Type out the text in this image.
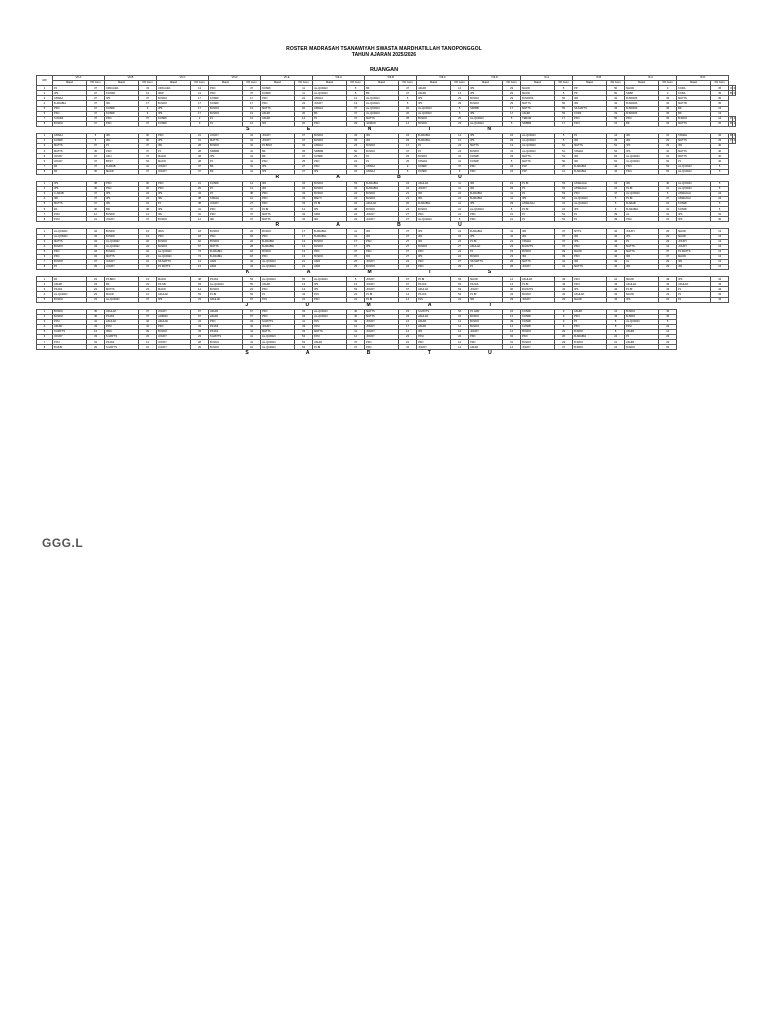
ROSTER MADRASAH TSANAWIYAH SWASTA MARDHATILLAH TANOPONGGOL
TAHUN AJARAN 2025/2026
RUANGAN
HRI	VII-A		VII-B		VII-C		VII-D		VII-E		VIII-A		VIII-B		VIII-C		VIII-D		IX-A		IX-B		IX-C		IX-D			
	Mapel	KD Guru	Mapel	KD Guru	Mapel	KD Guru	Mapel	KD Guru	Mapel	KD Guru	Mapel	KD Guru	Mapel	KD Guru	Mapel	KD Guru	Mapel	KD Guru	Mapel	KD Guru	Mapel	KD Guru	Mapel	KD Guru	Mapel	KD Guru		
1	PJ	37	UPACARA	33	UPACARA	13	PKN	37	KOSRF	11	AL-QURAN	5	BK	37	AKHIR	14	IPS	29	MAJID	5	PP	50	MAJID	3	KORA	35		2
2	IPS	37	KONSD	13	IPAP	13	PKN	37	KOSRF	11	AL-QURAN	5	BK	37	AKHIR	14	IPS	29	MAJID	5	PP	50	SKBP	3	KORA	35		2
3	ASWAJ	37	IPS	37	B.INDO	17	KOSRF	17	PKN	22	ASWAJ	13	AL-QURAN	5	IPS	29	B.INDO	29	B.INDRIS	50	IPA	32	B.INDRIS	33	MATTS	35		
4	B.ARABIA	37	IPA	17	B.INDO	17	KOSRF	17	PKN	22	JOUDY	13	AL-QURAN	5	IPS	29	B.INDO	29	MATTS	50	IPA	32	B.INDRIS	33	MATTR	35		
5	PKN	37	KOSRF	9	IPS	17	B.INDO	13	MATTS	20	ASWAJ	37	AL-QURAN	20	AL-QURAN	5	SKPBB	17	MATTS	55	SK.MATTS	33	B.INDRIS	36	BK	13		
6	PKN	37	KOSRF	9	IPS	17	B.INDO	13	AKHIR	20	BK	37	AL-QURAN	20	AL-QURAN	5	IPS	17	AKHIR	55	KORF	33	B.INDRIS	36	BK	13		
7	S.PADZ	37	PKN	37	KOSRF	3	PJ	13	AKHIR	12	PJ	37	MATTS	35	B.INDO	25	AL-QURAN	5	TERAM	17	PKN	50	PKN	33	B.INDO	12		2
8	B.INDO	37	PKN	37	KOSRF	9	PJ	13	IPA	20	PKN	39	JAIMAN	14	B.INDO	23	AL-QURAN	5	SKBBM	17	PKN	24	BK	33	MATTS	26		1
S E N I N																												
1	ASWAJ	5	IPA	30	PKN	21	JOUDY	41	JOUDY	37	B.INDO	33	IPA	24	B.ARABIA	14	IPS	24	AL-QURAN	5	PJ	14	IPA	10	TAMAH	32		4
2	KOSRF	5	IPA	30	IPS	21	MATTS	41	JOUDY	37	B.INDO	33	IPA	29	B.ARABIA	14	IPS	29	AL-QURAN	5	IPA	29	IPA	29	MATTS	29		4
3	MATTS	37	PJ	37	IPA	28	B.INDO	41	PJ.BINO	33	ASWAJ	23	B.INDO	17	PJ	24	MATTS	13	AL-QURAN	51	MATTS	51	IPS	29	IPA	40		
4	MATTS	45	PKN	37	PJ	28	SKBBM	41	BK	35	SKBBM	50	B.INDO	37	PJ	24	B.INDO	31	AL-QURAN	51	TAMAH	52	IPS	10	MATTS	40		
5	JOUDY	37	AKIJ	37	MAJID	28	IPS	41	BK	37	KOSRF	25	PJ	25	B.INDO	31	KOSRF	23	MATTS	51	IPA	52	AL-QURAN	10	MATTS	40		
6	JOUDY	37	BKST	54	MAJID	28	PJ	41	PKN	25	PKN	24	PJ	25	TAMAH	31	KOSRF	5	MATTS	50	IPA	52	AL-QURAN	52	PJ	40		
7	PA	37	B.ARAB	31	JOUDY	37	BK	41	IPS	37	PKN	32	ASWAJ	9	KOSRF	37	PKN	24	PJP	37	B.ARABIA	42	PKN	53	AL-QURAN	5		
8	PA	30	MAJID	37	JOUDY	37	BK	41	IPS	37	IPS	32	ASWAJ	5	KOSRF	9	PKN	24	PJP	12	B.ARABIA	44	PKN	53	AL-QURAN	5		
R A B U																												
1	IPS	38	PKN	30	PKN	21	KOSRF	14	IPA	34	B.INDO	53	B.ARABIA	24	AKHLAK	11	IPA	21	PJ.BI	53	ASWAJAH	24	IPA	40	AL-QURAN	5		
2	IPS	30	PKN	20	PKN	29	PJ	14	IPA	34	B.INDO	34	B.ARABIA	24	JOUDY	11	IPA	29	PJ	53	ASWAJAH	24	PJ.BI	12	AL-QURAN	5		
3	C.ARAB	37	IPS	24	IPS	34	PJ	38	PKN	33	B.INDO	24	B.INDO	21	IPA	21	B.ARABIA	11	PJ	53	PKN	37	AL-QURAN	5	ASWAJAH	24		
4	IPA	37	IPS	24	IPA	38	TAMAH	12	PKN	33	BAKTI	24	B.INDO	21	IPA	21	B.ARABIA	11	IPS	54	AL-QURAN	5	PJ.BI	37	ASWAJAH	24		
5	MATTS	37	IPA	31	PJ	38	JOUDY	27	PKN	33	PJ.BI	34	AKHLAK	20	B.ARABIA	11	IPS	29	ASWAJAH	31	AL-QURAN	5	B.ARAB	24	KOSRF	5		
6	PA	30	BKI	38	IPS	31	PKN	37	PJ.BI	12	IPS	38	B.INDO	24	B.INDO	21	AL-QURAN	5	PJ.BI	24	IPS	5	B.ARABIA	10	KOSRF	5		
7	PJSI	12	B.INDO	14	IPA	31	PKN	37	MATTS	32	AKIR	24	JOUDY	27	PKN	21	PKN	21	PJ	51	PJ	29	AL	31	IPS	31		
8	PJSI	21	JOUDY	37	B.INDO	14	IPA	37	MATTS	32	IPA	24	JOUDY	27	AL-QURAN	5	PKN	21	PJ	51	PJ	29	PKN	31	IPS	30		
R A B U																												
1	AL-QURAN	34	B.INDO	13	IPAS	18	B.INDO	22	B.INDO	17	B.ARABIA	11	IPA	27	IPS	24	B.ARABIA	41	IPA	37	MTTS	42	JOUDY	29	MAJID	13		
2	AL-QURAN	34	B.INDO	13	PKN	18	PKN	18	PKN	17	B.ARABIA	11	IPA	27	IPA	24	IPS	41	IPA	37	IPA	42	IPS	29	MAJID	13		
3	MATTS	34	AL-QURAN	34	B.INDO	62	B.INDO	22	B.ARABIA	13	B.INDO	17	PKN	27	IPA	24	PJ.BI	21	TAMAH	37	IPS	42	PJ	29	JOUDY	13		
4	B.INDO	34	AL-QURAN	24	B.INDO	67	MATTS	28	B.ARABIA	13	B.INDO	17	IPS	27	B.INDO	27	AKHLAK	23	B.MATTS	37	PKN	43	MATTS	12	JOUDY	13		
5	PKN	34	B.INDO	34	AL-QURAN	74	B.ARABIA	18	B.INDO	13	PKN	37	PKN	27	PKN	24	PJ	23	B.INDO	39	MAJID	42	MATTS	37	PJ.MATTS	13		
6	PKN	34	MATTS	24	AL-QURAN	74	B.ARABIA	18	PKN	13	B.INDO	37	IPA	27	IPS	24	B.INDO	23	IPA	39	PKN	42	IPA	37	MAJID	13		
7	B.INDO	37	JOUDY	31	SK.MATTS	13	AKIR	44	AL-QURAN	21	AKIR	25	JOUDY	24	PKN	27	SK.MATTS	25	MATTS	41	IPA	42	AL	29	IPA	13		
8	PJ	29	JOUDY	37	PJ.MATTS	13	AKIR	44	AL-QURAN	21	AKIR	25	B.INDO	24	PKN	29	PJ	25	JOUDY	41	MATTS	42	IPA	29	IPA	13		
K A M I S																												
1	PA	23	PJ.BRO	13	MAJID	48	PKJAS	53	AL-QURAN	55	AL-QURAN	5	JOUDY	67	PJ.BI	53	MAJID	14	AKHLAK	49	PKN	24	MAJID	49	IPS	43		
2	AKHIR	23	BK	23	PKJ.BI	53	AL-QURAN	55	AKHIR	13	IPS	13	JOUDY	67	PKJAS	53	PKJAS	14	PJ.BI	49	PKN	43	AKHLAK	43	AKHLAK	43		
3	PKJAS	23	MATTS	23	MAJID	14	B.INDO	23	PKN	13	IPS	53	JOUDY	67	AKHLAK	53	JOUDY	30	B.MATTS	43	IPS	43	PJ.BI	43	PJ	43		
4	AL-QURAN	23	MAJID	14	AKHLAK	53	PJ.BI	53	PJ	43	PJS	22	PJ.BI	14	PKJAS	53	PJ.BI	22	B.INDO	49	AKHLAK	43	MAJID	23	PJ	43		
5	B.INDO	23	AL-QURAN	37	IPS	23	AKHLAK	67	PJS	22	PKN	22	PJ.BI	14	PJS	22	IPA	29	JOUDY	29	MAJID	43	IPS	22	PJ	43		
J U M A T																												
1	B.INDO	45	AKHLAK	37	JOUDY	67	AKHIR	67	PKN	33	AL-QURAN	40	MATTS	23	S.MATTS	54	PJ.ARR	24	KOSRF	9	AKHIR	12	B.INDO	46				
2	B.INDO	45	PKJAS	37	JAIMAN	67	AKHIR	67	PKN	33	AL-QURAN	40	MATTS	23	AKHLAK	24	B.INDO	12	KOSRF	9	PKN	43	B.INDO	45				
3	PJSI	41	AKHLAK	42	AKHLAK	23	PKN	33	S.MATTS	11	PJS	32	JOUDY	12	AKHIR	12	B.INDO	49	KOSRF	9	PJ	8	AL-QURAN	5				
4	AKHIR	43	PJSI	41	PKN	33	PKJAS	44	JOUDY	33	PJSI	12	JOUDY	17	AKHIR	12	B.INDO	12	KOSRF	9	PKN	8	PJSI	24				
5	S.MATTS	13	IPAS	39	B.INDO	33	PKJAS	41	MATTS	33	MATTS	11	JOUDY	12	IPA	12	JOUDY	12	B.INDO	29	B.INDO	8	AKHIR	14				
6	JOUDY	33	S.MATTS	23	JOUDY	23	S.MATTS	41	AL-QURAN	54	PJSI	12	JOUDY	22	PJSI	22	PKN	32	PKN	26	B.ARABIA	22	PJ	23				
7	PJSI	33	PKJAS	13	JOUDY	28	B.INDO	41	AL-QURAN	54	AKHIR	37	PKN	22	PKN	12	PKN	31	B.INDO	29	B.INDO	21	AKHIR	29				
8	B.MUR	29	S.MATTS	15	JOUDY	29	B.INDO	16	AL-QURAN	54	PJ.BI	37	PKN	32	JOUDY	14	AKHIR	14	JOUDY	37	B.INDO	24	B.INDO	53				
S A B T U																												
GGG.L
